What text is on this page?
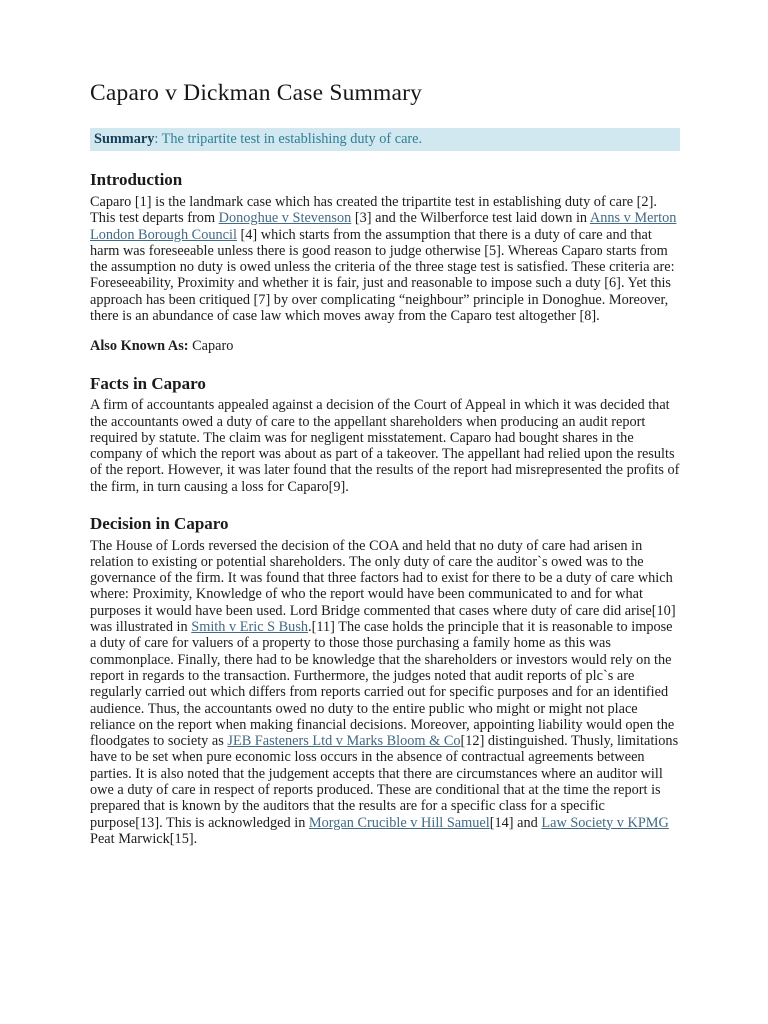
Caparo v Dickman Case Summary
Summary: The tripartite test in establishing duty of care.
Introduction

Caparo [1] is the landmark case which has created the tripartite test in establishing duty of care [2]. This test departs from Donoghue v Stevenson [3] and the Wilberforce test laid down in Anns v Merton London Borough Council [4] which starts from the assumption that there is a duty of care and that harm was foreseeable unless there is good reason to judge otherwise [5]. Whereas Caparo starts from the assumption no duty is owed unless the criteria of the three stage test is satisfied. These criteria are: Foreseeability, Proximity and whether it is fair, just and reasonable to impose such a duty [6]. Yet this approach has been critiqued [7] by over complicating “neighbour” principle in Donoghue. Moreover, there is an abundance of case law which moves away from the Caparo test altogether [8].

Also Known As: Caparo

Facts in Caparo

A firm of accountants appealed against a decision of the Court of Appeal in which it was decided that the accountants owed a duty of care to the appellant shareholders when producing an audit report required by statute. The claim was for negligent misstatement. Caparo had bought shares in the company of which the report was about as part of a takeover. The appellant had relied upon the results of the report. However, it was later found that the results of the report had misrepresented the profits of the firm, in turn causing a loss for Caparo[9].

Decision in Caparo

The House of Lords reversed the decision of the COA and held that no duty of care had arisen in relation to existing or potential shareholders. The only duty of care the auditor`s owed was to the governance of the firm. It was found that three factors had to exist for there to be a duty of care which where: Proximity, Knowledge of who the report would have been communicated to and for what purposes it would have been used. Lord Bridge commented that cases where duty of care did arise[10] was illustrated in Smith v Eric S Bush.[11] The case holds the principle that it is reasonable to impose a duty of care for valuers of a property to those those purchasing a family home as this was commonplace. Finally, there had to be knowledge that the shareholders or investors would rely on the report in regards to the transaction. Furthermore, the judges noted that audit reports of plc`s are regularly carried out which differs from reports carried out for specific purposes and for an identified audience. Thus, the accountants owed no duty to the entire public who might or might not place reliance on the report when making financial decisions. Moreover, appointing liability would open the floodgates to society as JEB Fasteners Ltd v Marks Bloom & Co[12] distinguished. Thusly, limitations have to be set when pure economic loss occurs in the absence of contractual agreements between parties. It is also noted that the judgement accepts that there are circumstances where an auditor will owe a duty of care in respect of reports produced. These are conditional that at the time the report is prepared that is known by the auditors that the results are for a specific class for a specific purpose[13]. This is acknowledged in Morgan Crucible v Hill Samuel[14] and Law Society v KPMG Peat Marwick[15].
